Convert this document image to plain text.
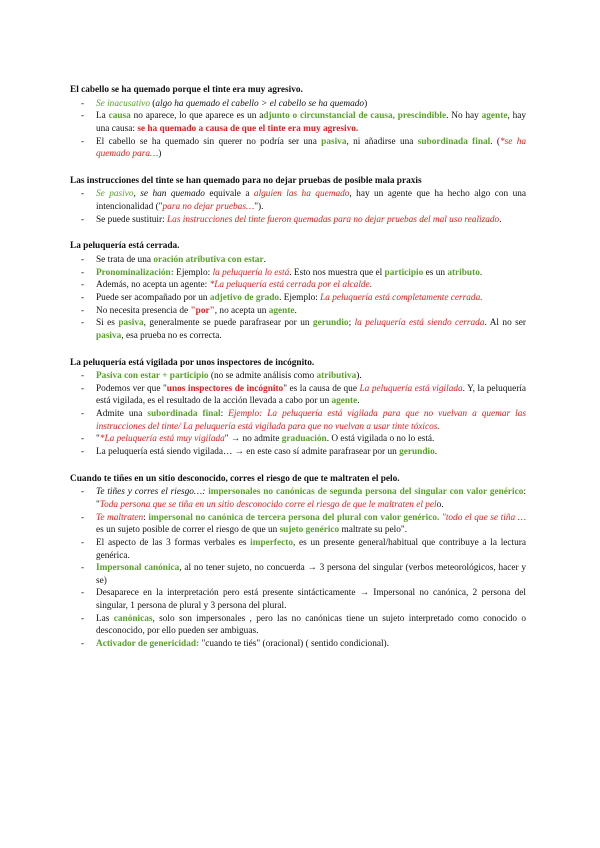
El cabello se ha quemado porque el tinte era muy agresivo.
- Se inacusativo (algo ha quemado el cabello > el cabello se ha quemado)
- La causa no aparece, lo que aparece es un adjunto o circunstancial de causa, prescindible. No hay agente, hay una causa: se ha quemado a causa de que el tinte era muy agresivo.
- El cabello se ha quemado sin querer no podría ser una pasiva, ni añadirse una subordinada final. (*se ha quemado para…)
Las instrucciones del tinte se han quemado para no dejar pruebas de posible mala praxis
- Se pasivo, se han quemado equivale a alguien las ha quemado, hay un agente que ha hecho algo con una intencionalidad ("para no dejar pruebas…").
- Se puede sustituir: Las instrucciones del tinte fueron quemadas para no dejar pruebas del mal uso realizado.
La peluquería está cerrada.
- Se trata de una oración atributiva con estar.
- Pronominalización: Ejemplo: la peluquería lo está. Esto nos muestra que el participio es un atributo.
- Además, no acepta un agente: *La peluquería está cerrada por el alcalde.
- Puede ser acompañado por un adjetivo de grado. Ejemplo: La peluquería está completamente cerrada.
- No necesita presencia de "por", no acepta un agente.
- Si es pasiva, generalmente se puede parafrasear por un gerundio; la peluquería está siendo cerrada. Al no ser pasiva, esa prueba no es correcta.
La peluquería está vigilada por unos inspectores de incógnito.
- Pasiva con estar + participio (no se admite análisis como atributiva).
- Podemos ver que "unos inspectores de incógnito" es la causa de que La peluquería está vigilada. Y, la peluquería está vigilada, es el resultado de la acción llevada a cabo por un agente.
- Admite una subordinada final: Ejemplo: La peluquería está vigilada para que no vuelvan a quemar las instrucciones del tinte/ La peluquería está vigilada para que no vuelvan a usar tinte tóxicos.
- "*La peluquería está muy vigilada" → no admite graduación. O está vigilada o no lo está.
- La peluquería está siendo vigilada… → en este caso sí admite parafrasear por un gerundio.
Cuando te tiñes en un sitio desconocido, corres el riesgo de que te maltraten el pelo.
- Te tiñes y corres el riesgo…: impersonales no canónicas de segunda persona del singular con valor genérico: "Toda persona que se tiña en un sitio desconocido corre el riesgo de que le maltraten el pelo.
- Te maltraten: impersonal no canónica de tercera persona del plural con valor genérico. "todo el que se tiña … es un sujeto posible de correr el riesgo de que un sujeto genérico maltrate su pelo".
- El aspecto de las 3 formas verbales es imperfecto, es un presente general/habitual que contribuye a la lectura genérica.
- Impersonal canónica, al no tener sujeto, no concuerda → 3 persona del singular (verbos meteorológicos, hacer y se)
- Desaparece en la interpretación pero está presente sintácticamente → Impersonal no canónica, 2 persona del singular, 1 persona de plural y 3 persona del plural.
- Las canónicas, solo son impersonales , pero las no canónicas tiene un sujeto interpretado como conocido o desconocido, por ello pueden ser ambiguas.
- Activador de genericidad: "cuando te tiés" (oracional) ( sentido condicional).
